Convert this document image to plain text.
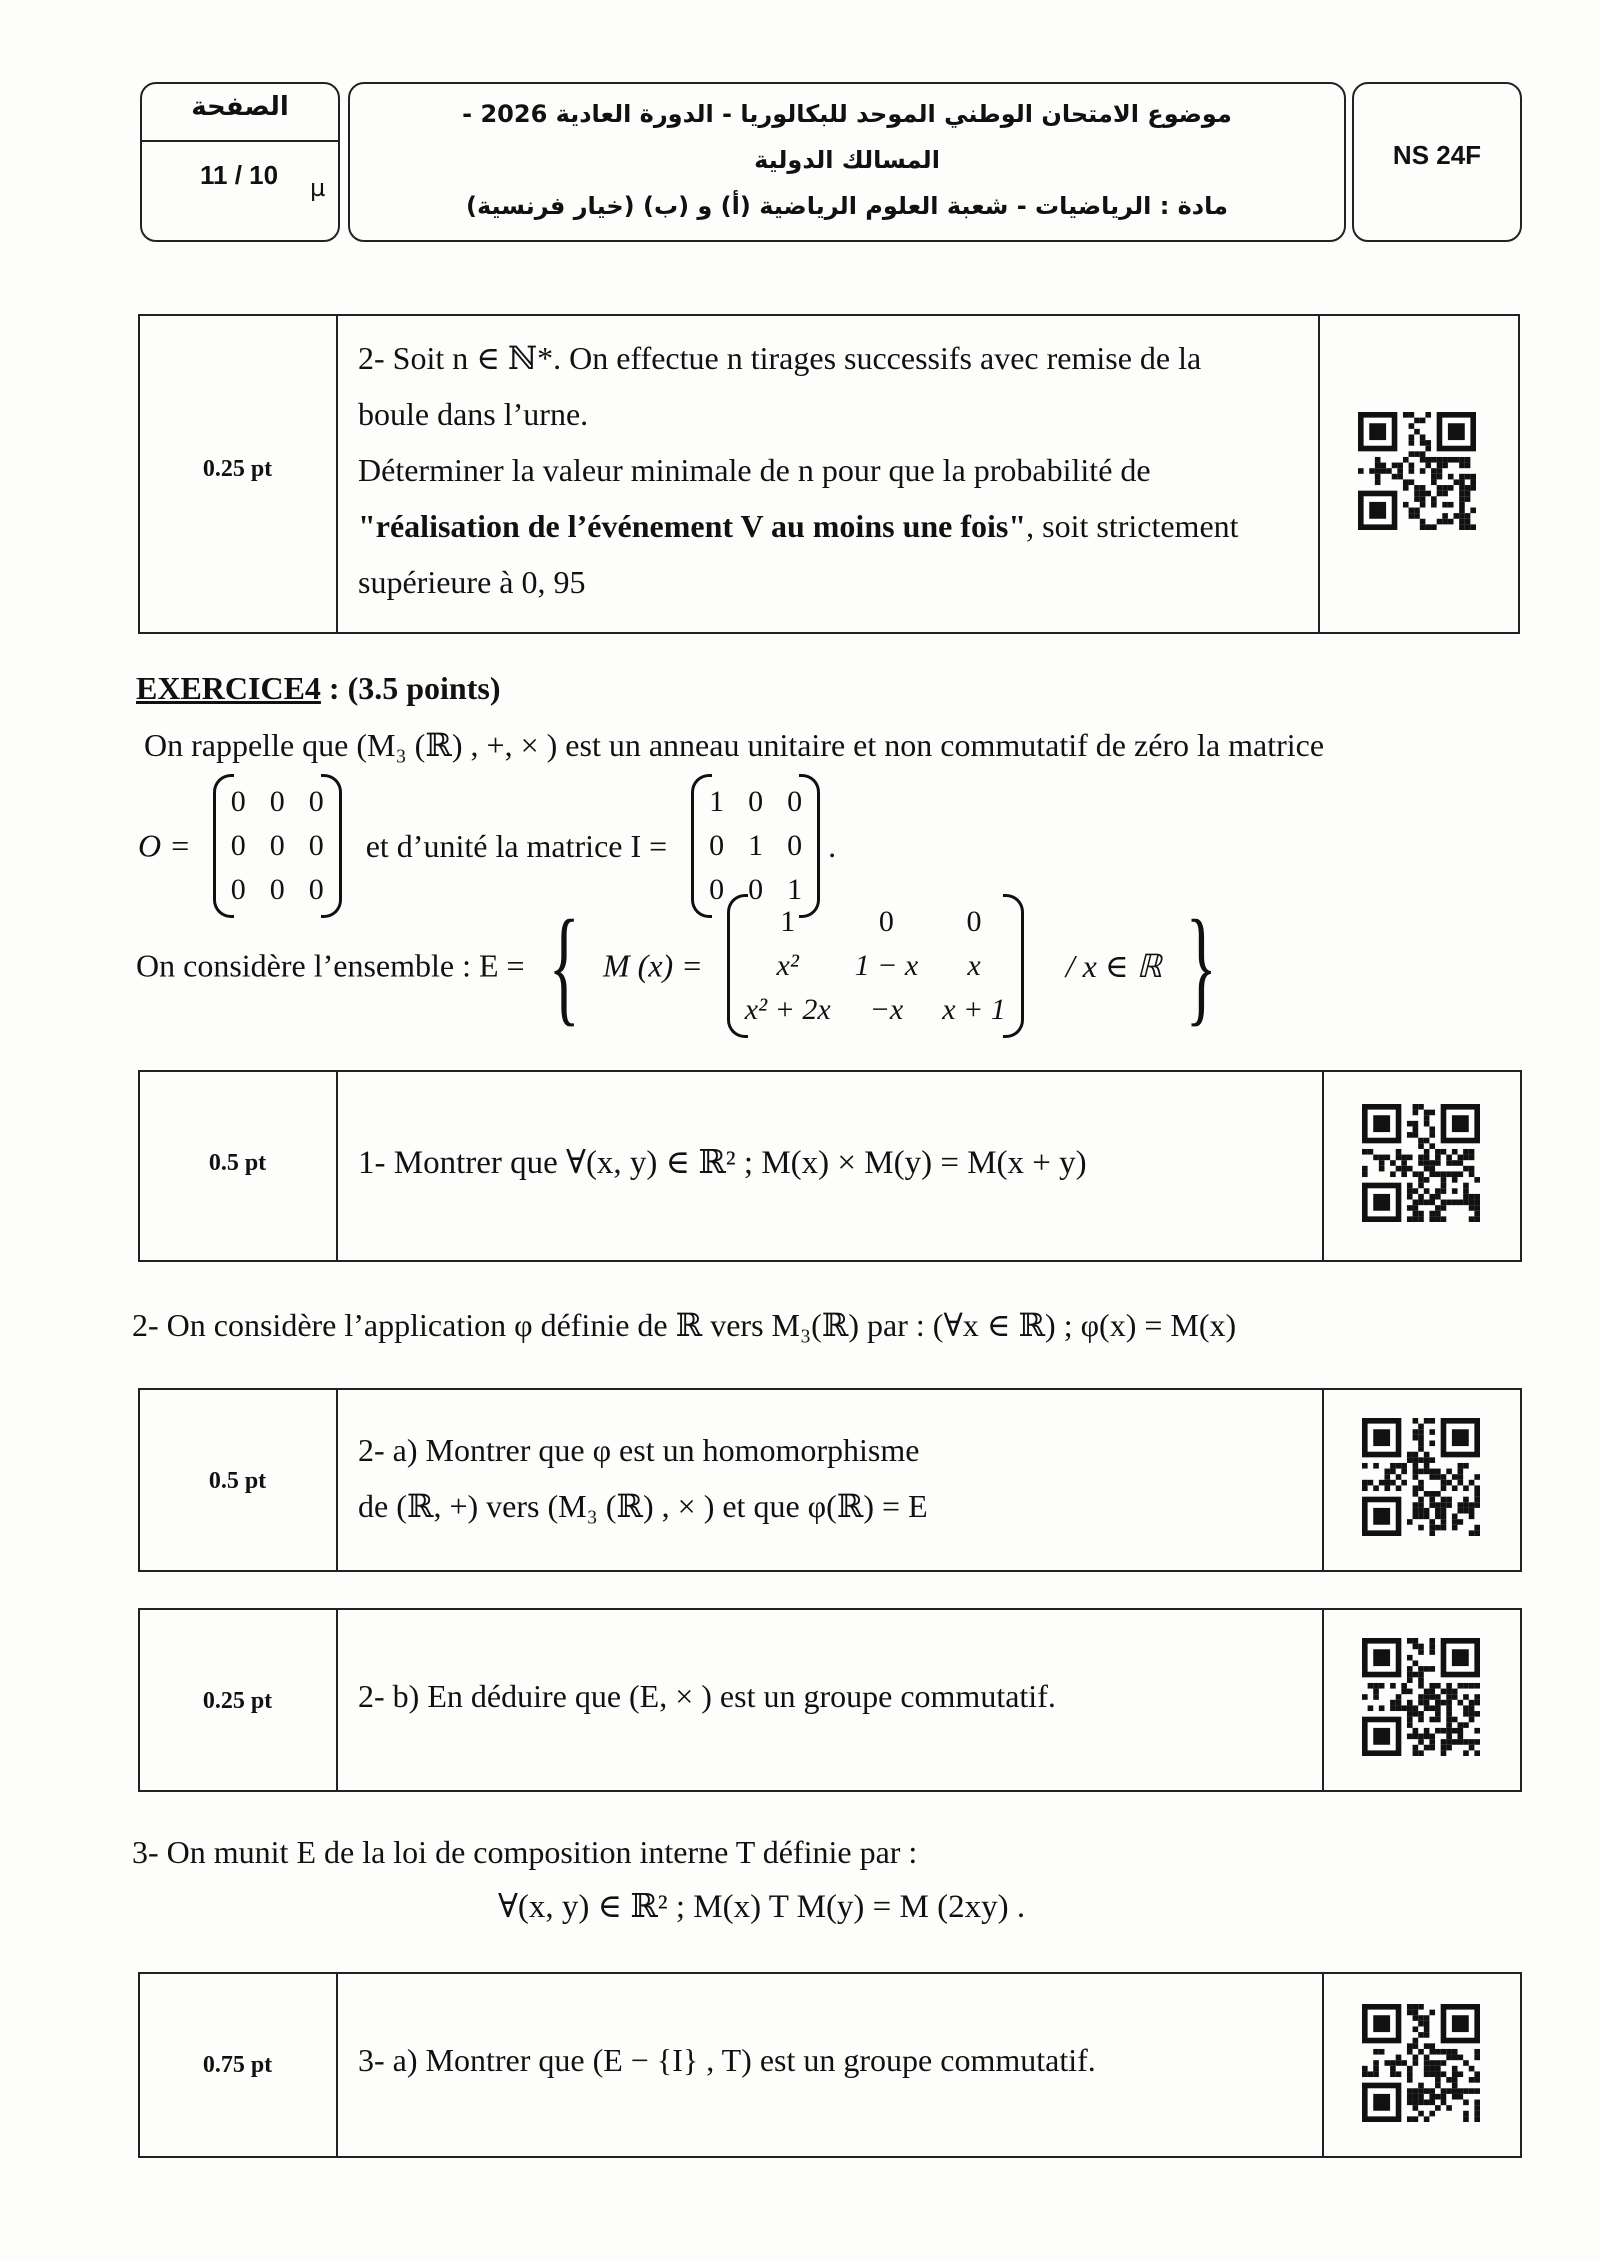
الصفحة
11 / 10 µ
موضوع الامتحان الوطني الموحد للبكالوريا - الدورة العادية 2026 -
المسالك الدولية
مادة : الرياضيات - شعبة العلوم الرياضية (أ) و (ب) (خيار فرنسية)
NS 24F
0.25 pt
2- Soit n ∈ ℕ*. On effectue n tirages successifs avec remise de la
boule dans l’urne.
Déterminer la valeur minimale de n pour que la probabilité de
"réalisation de l’événement V au moins une fois", soit strictement
supérieure à 0, 95
EXERCICE4 : (3.5 points)
On rappelle que (M₃ (ℝ) , +, × ) est un anneau unitaire et non commutatif de zéro la matrice
O =
0	0	0
0	0	0
0	0	0
et d’unité la matrice I =
1	0	0
0	1	0
0	0	1
.
On considère l’ensemble : E = { M (x) =
1	0	0
x²	1 − x	x
x² + 2x	−x	x + 1
/ x ∈ ℝ }
0.5 pt	1- Montrer que ∀(x, y) ∈ ℝ² ; M(x) × M(y) = M(x + y)
2- On considère l’application φ définie de ℝ vers M₃(ℝ) par : (∀x ∈ ℝ) ; φ(x) = M(x)
0.5 pt
2- a) Montrer que φ est un homomorphisme
de (ℝ, +) vers (M₃ (ℝ) , × ) et que φ(ℝ) = E
0.25 pt	2- b) En déduire que (E, × ) est un groupe commutatif.
3- On munit E de la loi de composition interne T définie par :
∀(x, y) ∈ ℝ² ; M(x) T M(y) = M (2xy) .
0.75 pt	3- a) Montrer que (E − {I} , T) est un groupe commutatif.
